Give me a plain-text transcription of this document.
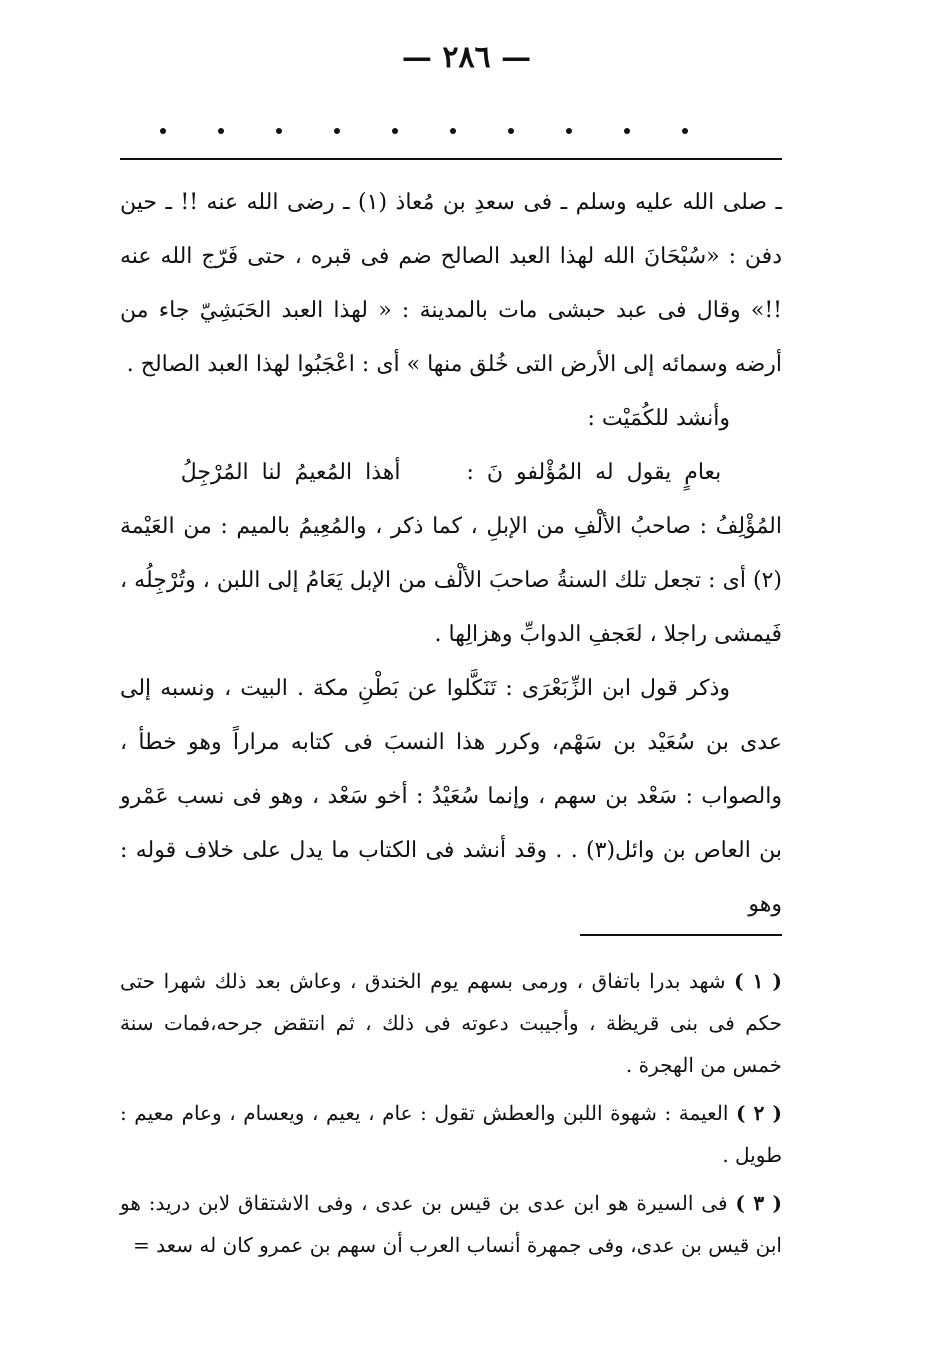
— ٢٨٦ —

ـ صلى الله عليه وسلم ـ فى سعدِ بن مُعاذ (١) ـ رضى الله عنه !! ـ حين دفن : «سُبْحَانَ الله لهذا العبد الصالح ضم فى قبره ، حتى فَرّج الله عنه !!» وقال فى عبد حبشى مات بالمدينة : « لهذا العبد الحَبَشِيّ جاء من أرضه وسمائه إلى الأرض التى خُلق منها » أى : اعْجَبُوا لهذا العبد الصالح .

وأنشد للكُمَيْت :

بعامٍ يقول له المُؤْلفو نَ :  أهذا المُعيمُ لنا المُرْجِلُ

المُؤْلِفُ : صاحبُ الألْفِ من الإبلِ ، كما ذكر ، والمُعِيمُ بالميم : من العَيْمة (٢) أى : تجعل تلك السنةُ صاحبَ الألْف من الإبل يَعَامُ إلى اللبن ، وتُرْجِلُه ، فَيمشى راجلا ، لعَجفِ الدوابِّ وهزالِها .

وذكر قول ابن الزِّبَعْرَى : تَنَكَّلوا عن بَطْنِ مكة . البيت ، ونسبه إلى عدى بن سُعَيْد بن سَهْم، وكرر هذا النسبَ فى كتابه مراراً وهو خطأ ، والصواب : سَعْد بن سهم ، وإنما سُعَيْدُ : أخو سَعْد ، وهو فى نسب عَمْرو بن العاص بن وائل(٣) . . وقد أنشد فى الكتاب ما يدل على خلاف قوله : وهو

( ١ ) شهد بدرا باتفاق ، ورمى بسهم يوم الخندق ، وعاش بعد ذلك شهرا حتى حكم فى بنى قريظة ، وأجيبت دعوته فى ذلك ، ثم انتقض جرحه،فمات سنة خمس من الهجرة .

( ٢ ) العيمة : شهوة اللبن والعطش تقول : عام ، يعيم ، ويعسام ، وعام معيم : طويل .

( ٣ ) فى السيرة هو ابن عدى بن قيس بن عدى ، وفى الاشتقاق لابن دريد: هو ابن قيس بن عدى، وفى جمهرة أنساب العرب أن سهم بن عمرو كان له سعد =
